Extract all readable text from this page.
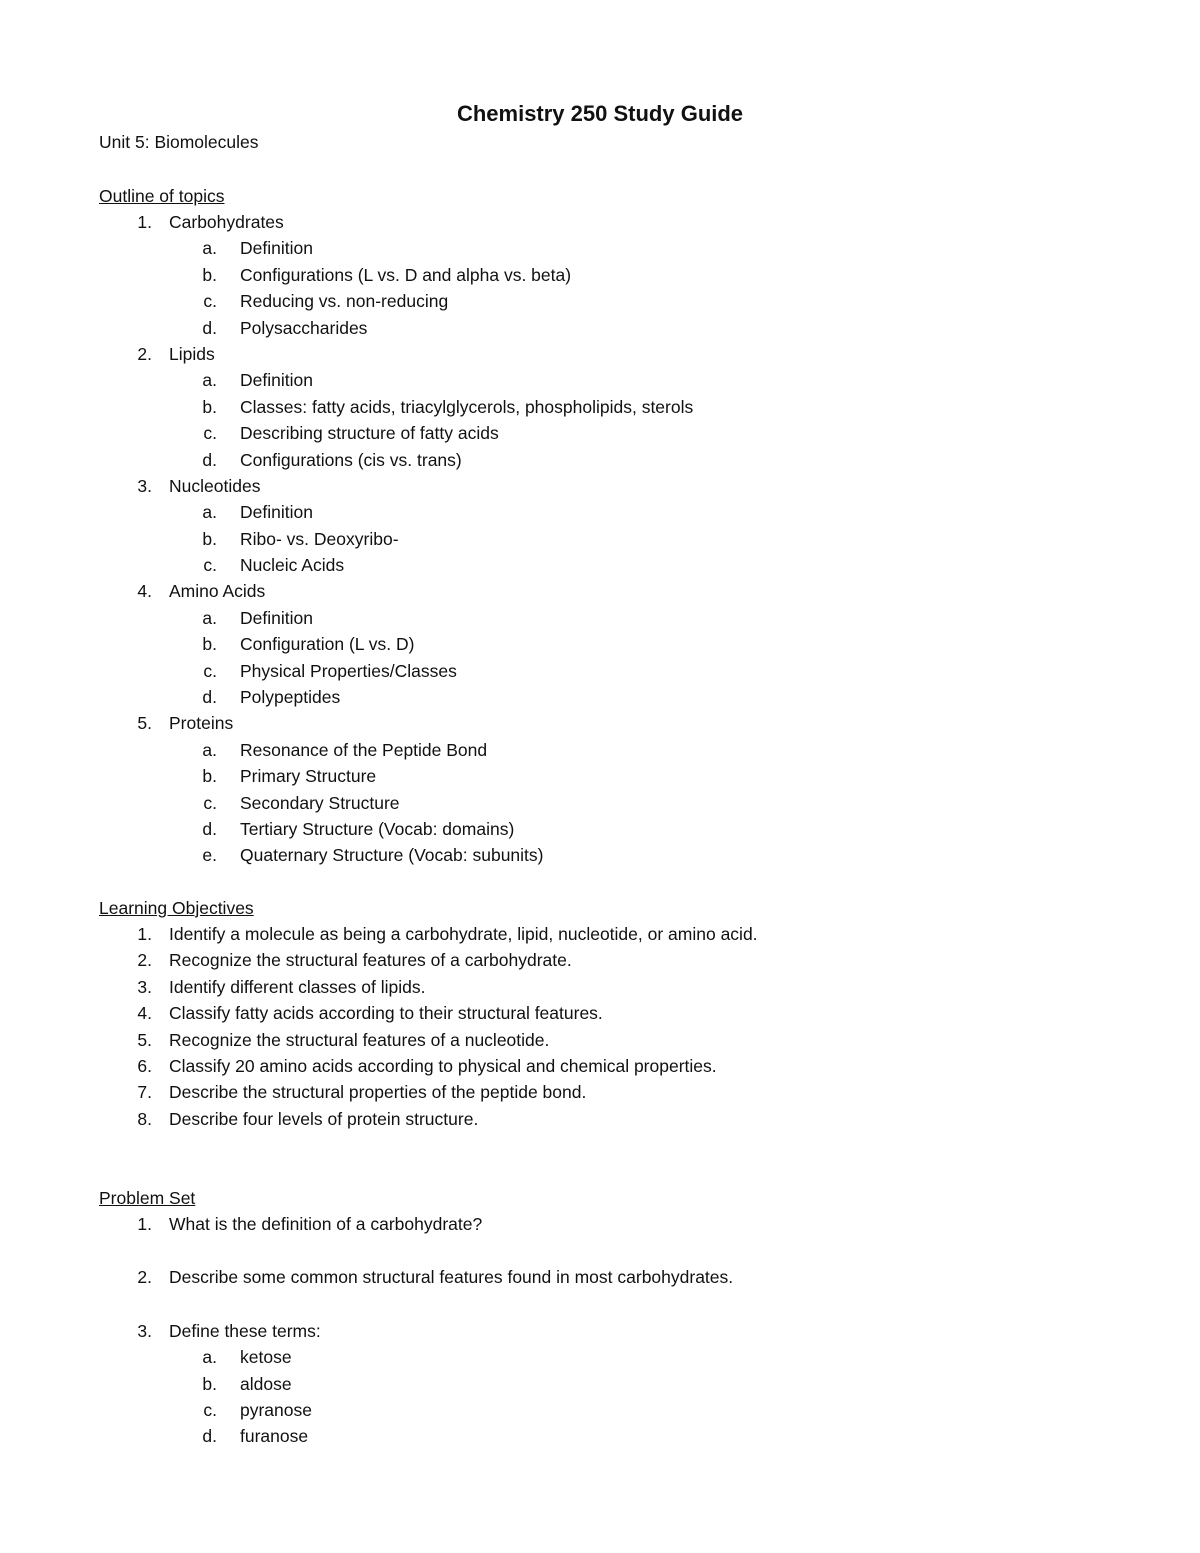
Chemistry 250 Study Guide
Unit 5: Biomolecules
Outline of topics
1. Carbohydrates
a. Definition
b. Configurations (L vs. D and alpha vs. beta)
c. Reducing vs. non-reducing
d. Polysaccharides
2. Lipids
a. Definition
b. Classes: fatty acids, triacylglycerols, phospholipids, sterols
c. Describing structure of fatty acids
d. Configurations (cis vs. trans)
3. Nucleotides
a. Definition
b. Ribo- vs. Deoxyribo-
c. Nucleic Acids
4. Amino Acids
a. Definition
b. Configuration (L vs. D)
c. Physical Properties/Classes
d. Polypeptides
5. Proteins
a. Resonance of the Peptide Bond
b. Primary Structure
c. Secondary Structure
d. Tertiary Structure (Vocab: domains)
e. Quaternary Structure (Vocab: subunits)
Learning Objectives
1. Identify a molecule as being a carbohydrate, lipid, nucleotide, or amino acid.
2. Recognize the structural features of a carbohydrate.
3. Identify different classes of lipids.
4. Classify fatty acids according to their structural features.
5. Recognize the structural features of a nucleotide.
6. Classify 20 amino acids according to physical and chemical properties.
7. Describe the structural properties of the peptide bond.
8. Describe four levels of protein structure.
Problem Set
1. What is the definition of a carbohydrate?
2. Describe some common structural features found in most carbohydrates.
3. Define these terms:
a. ketose
b. aldose
c. pyranose
d. furanose
